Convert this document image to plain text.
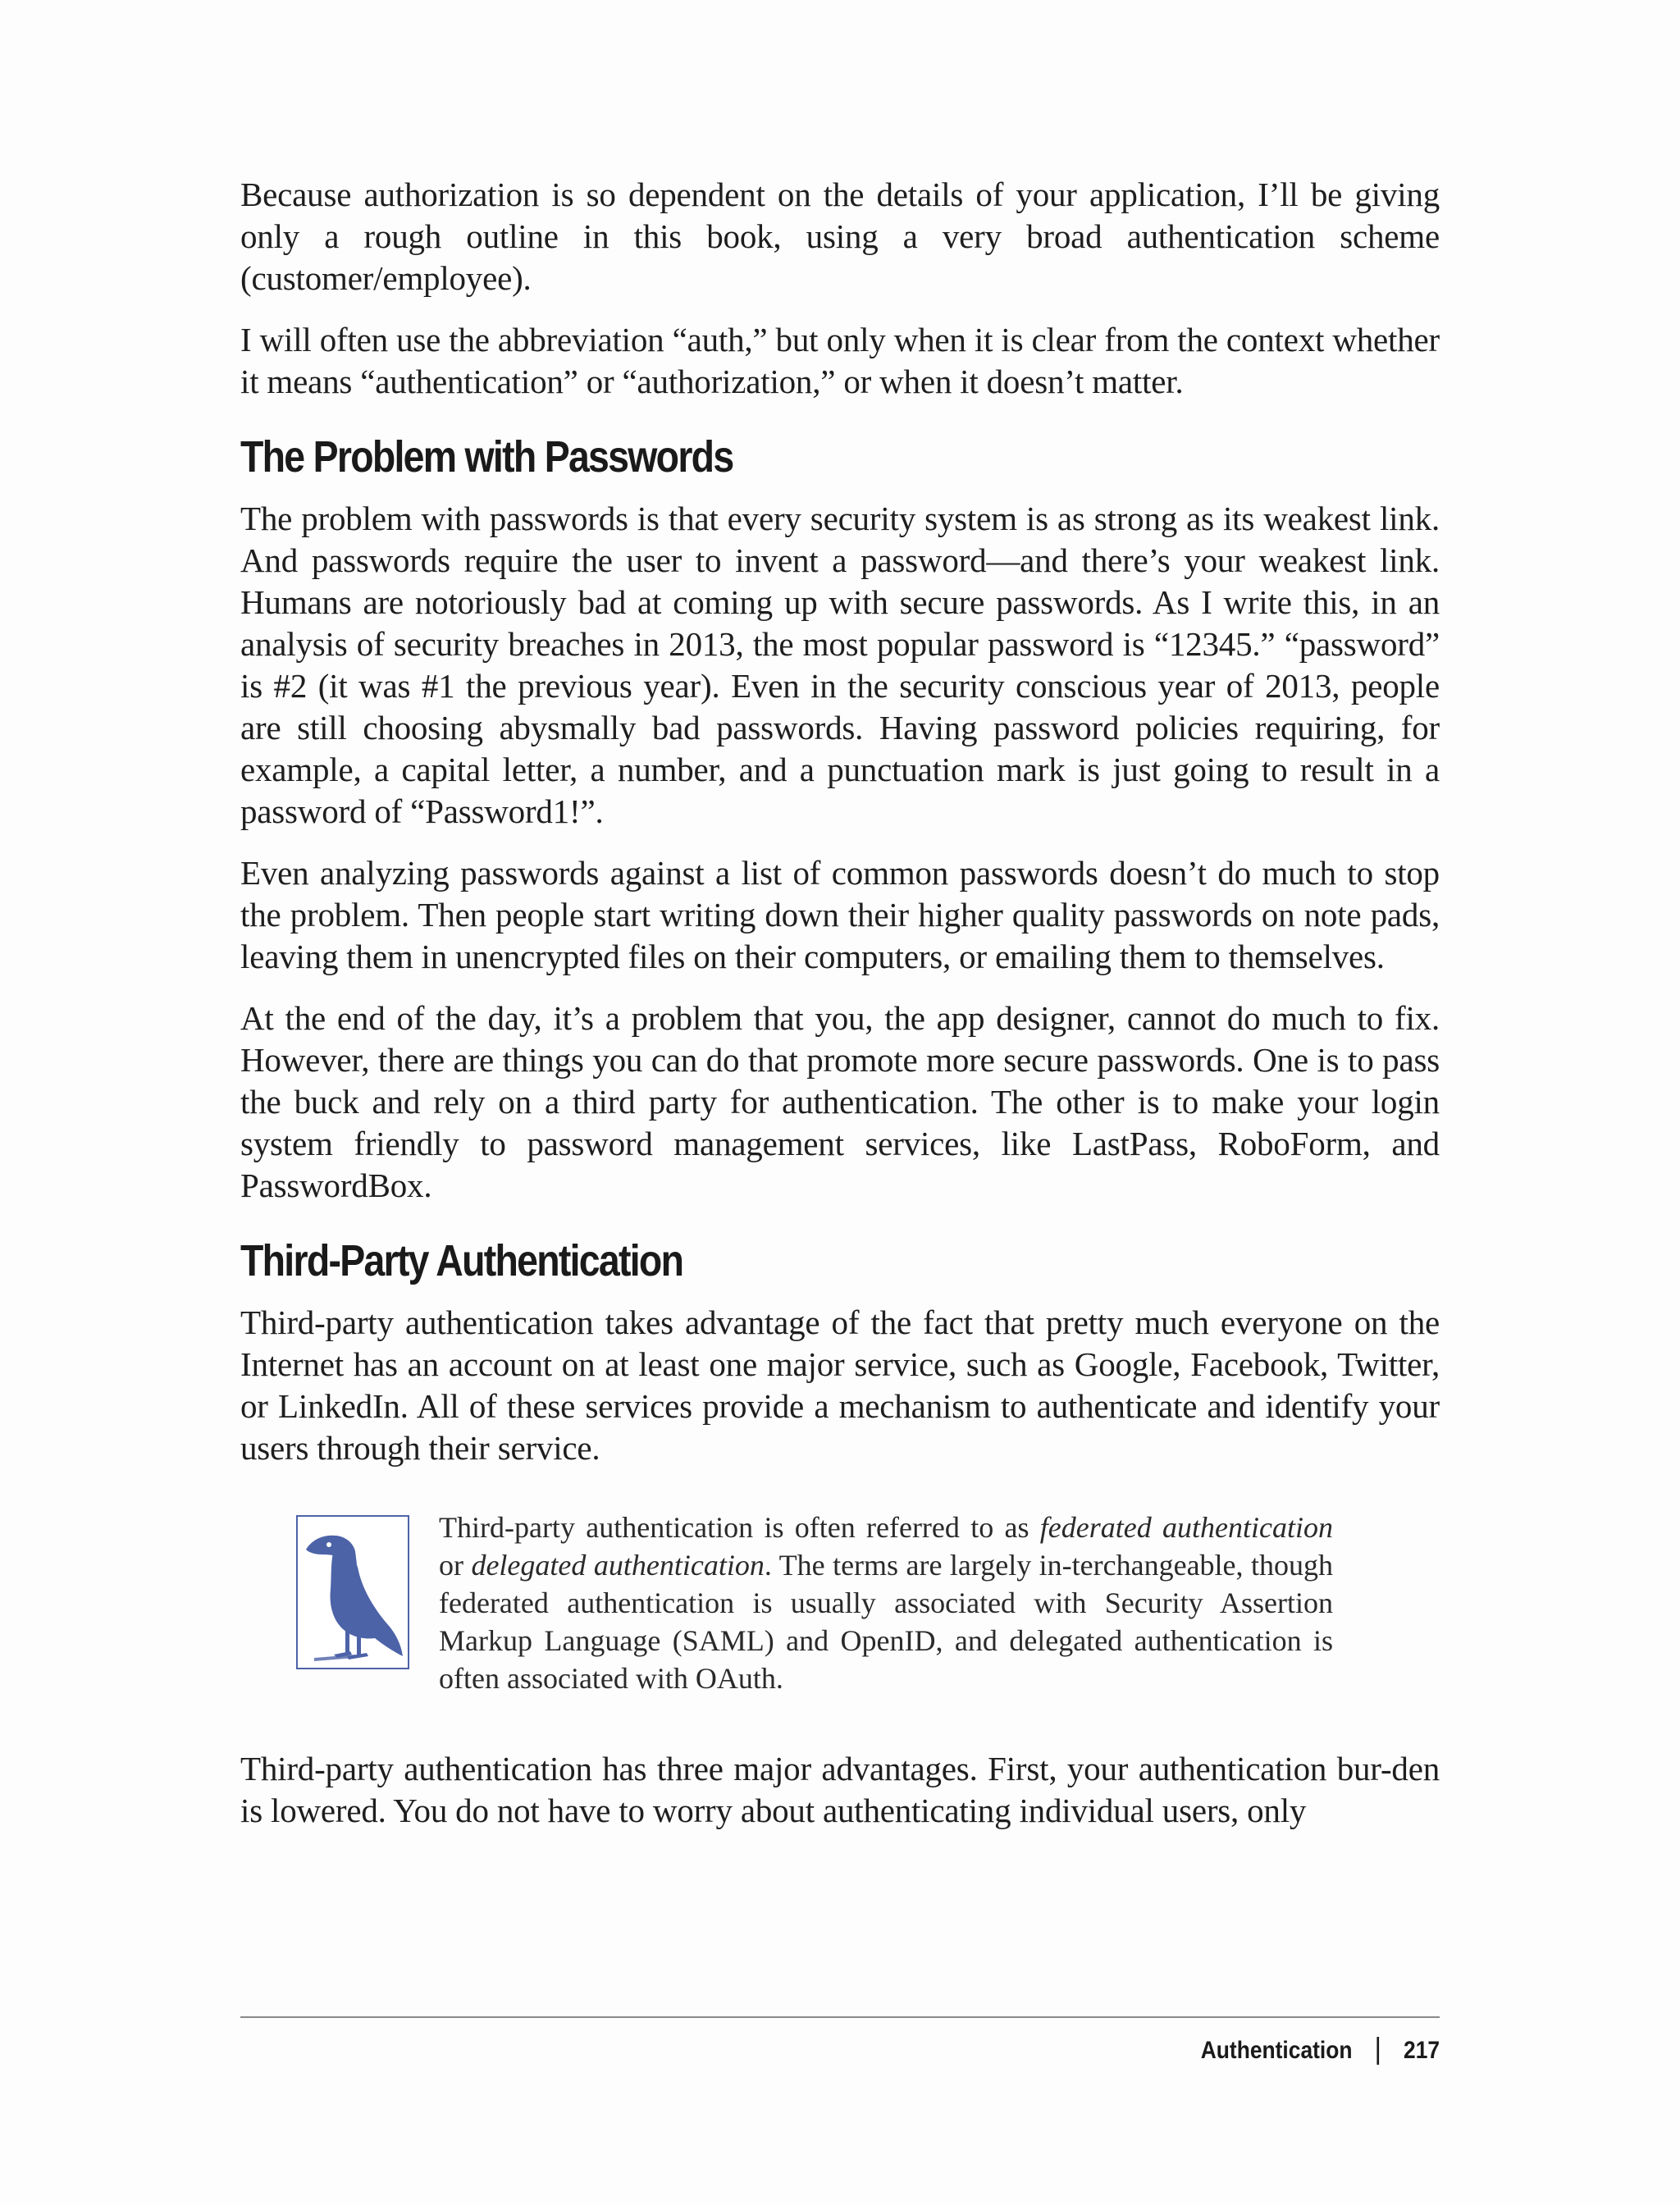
Because authorization is so dependent on the details of your application, I’ll be giving only a rough outline in this book, using a very broad authentication scheme (customer/employee).

I will often use the abbreviation “auth,” but only when it is clear from the context whether it means “authentication” or “authorization,” or when it doesn’t matter.

The Problem with Passwords

The problem with passwords is that every security system is as strong as its weakest link. And passwords require the user to invent a password—and there’s your weakest link. Humans are notoriously bad at coming up with secure passwords. As I write this, in an analysis of security breaches in 2013, the most popular password is “12345.” “password” is #2 (it was #1 the previous year). Even in the security conscious year of 2013, people are still choosing abysmally bad passwords. Having password policies requiring, for example, a capital letter, a number, and a punctuation mark is just going to result in a password of “Password1!”.

Even analyzing passwords against a list of common passwords doesn’t do much to stop the problem. Then people start writing down their higher quality passwords on note pads, leaving them in unencrypted files on their computers, or emailing them to themselves.

At the end of the day, it’s a problem that you, the app designer, cannot do much to fix. However, there are things you can do that promote more secure passwords. One is to pass the buck and rely on a third party for authentication. The other is to make your login system friendly to password management services, like LastPass, RoboForm, and PasswordBox.

Third-Party Authentication

Third-party authentication takes advantage of the fact that pretty much everyone on the Internet has an account on at least one major service, such as Google, Facebook, Twitter, or LinkedIn. All of these services provide a mechanism to authenticate and identify your users through their service.

Third-party authentication is often referred to as federated authentication or delegated authentication. The terms are largely in-terchangeable, though federated authentication is usually associated with Security Assertion Markup Language (SAML) and OpenID, and delegated authentication is often associated with OAuth.

Third-party authentication has three major advantages. First, your authentication bur-den is lowered. You do not have to worry about authenticating individual users, only

Authentication 217
